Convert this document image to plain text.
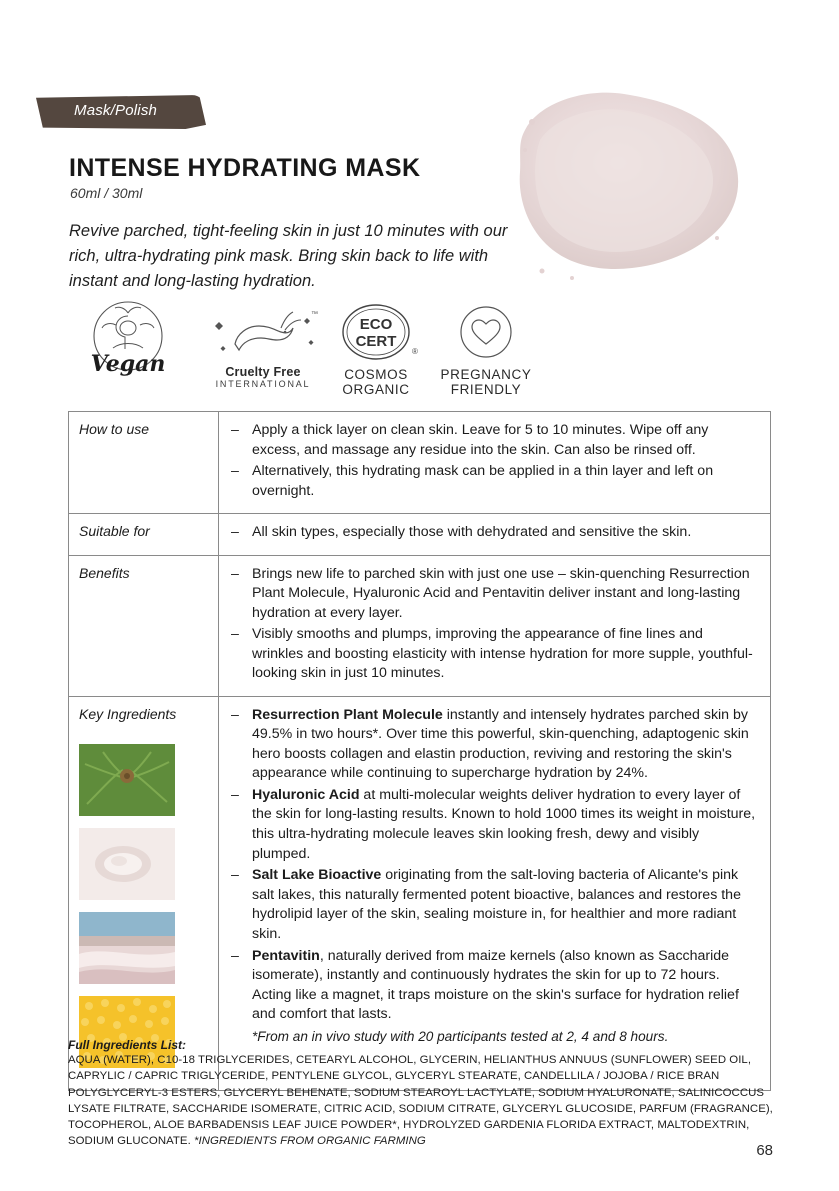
Mask/Polish
INTENSE HYDRATING MASK
60ml / 30ml
Revive parched, tight-feeling skin in just 10 minutes with our rich, ultra-hydrating pink mask. Bring skin back to life with instant and long-lasting hydration.
Vegan
™
Cruelty Free
INTERNATIONAL
ECO
CERT
®
COSMOS
ORGANIC
PREGNANCY
FRIENDLY
How to use	– Apply a thick layer on clean skin. Leave for 5 to 10 minutes. Wipe off any excess, and massage any residue into the skin. Can also be rinsed off.
– Alternatively, this hydrating mask can be applied in a thin layer and left on overnight.
Suitable for	– All skin types, especially those with dehydrated and sensitive the skin.
Benefits	– Brings new life to parched skin with just one use – skin-quenching Resurrection Plant Molecule, Hyaluronic Acid and Pentavitin deliver instant and long-lasting hydration at every layer.
– Visibly smooths and plumps, improving the appearance of fine lines and wrinkles and boosting elasticity with intense hydration for more supple, youthful-looking skin in just 10 minutes.
Key Ingredients	– Resurrection Plant Molecule instantly and intensely hydrates parched skin by 49.5% in two hours*. Over time this powerful, skin-quenching, adaptogenic skin hero boosts collagen and elastin production, reviving and restoring the skin's appearance while continuing to supercharge hydration by 24%.
– Hyaluronic Acid at multi-molecular weights deliver hydration to every layer of the skin for long-lasting results. Known to hold 1000 times its weight in moisture, this ultra-hydrating molecule leaves skin looking fresh, dewy and visibly plumped.
– Salt Lake Bioactive originating from the salt-loving bacteria of Alicante's pink salt lakes, this naturally fermented potent bioactive, balances and restores the hydrolipid layer of the skin, sealing moisture in, for healthier and more radiant skin.
– Pentavitin, naturally derived from maize kernels (also known as Saccharide isomerate), instantly and continuously hydrates the skin for up to 72 hours. Acting like a magnet, it traps moisture on the skin's surface for hydration relief and comfort that lasts.
*From an in vivo study with 20 participants tested at 2, 4 and 8 hours.
Full Ingredients List:
AQUA (WATER), C10-18 TRIGLYCERIDES, CETEARYL ALCOHOL, GLYCERIN, HELIANTHUS ANNUUS (SUNFLOWER) SEED OIL, CAPRYLIC / CAPRIC TRIGLYCERIDE, PENTYLENE GLYCOL, GLYCERYL STEARATE, CANDELLILA / JOJOBA / RICE BRAN POLYGLYCERYL-3 ESTERS, GLYCERYL BEHENATE, SODIUM STEAROYL LACTYLATE, SODIUM HYALURONATE, SALINICOCCUS LYSATE FILTRATE, SACCHARIDE ISOMERATE, CITRIC ACID, SODIUM CITRATE, GLYCERYL GLUCOSIDE, PARFUM (FRAGRANCE), TOCOPHEROL, ALOE BARBADENSIS LEAF JUICE POWDER*, HYDROLYZED GARDENIA FLORIDA EXTRACT, MALTODEXTRIN, SODIUM GLUCONATE. *INGREDIENTS FROM ORGANIC FARMING
68
